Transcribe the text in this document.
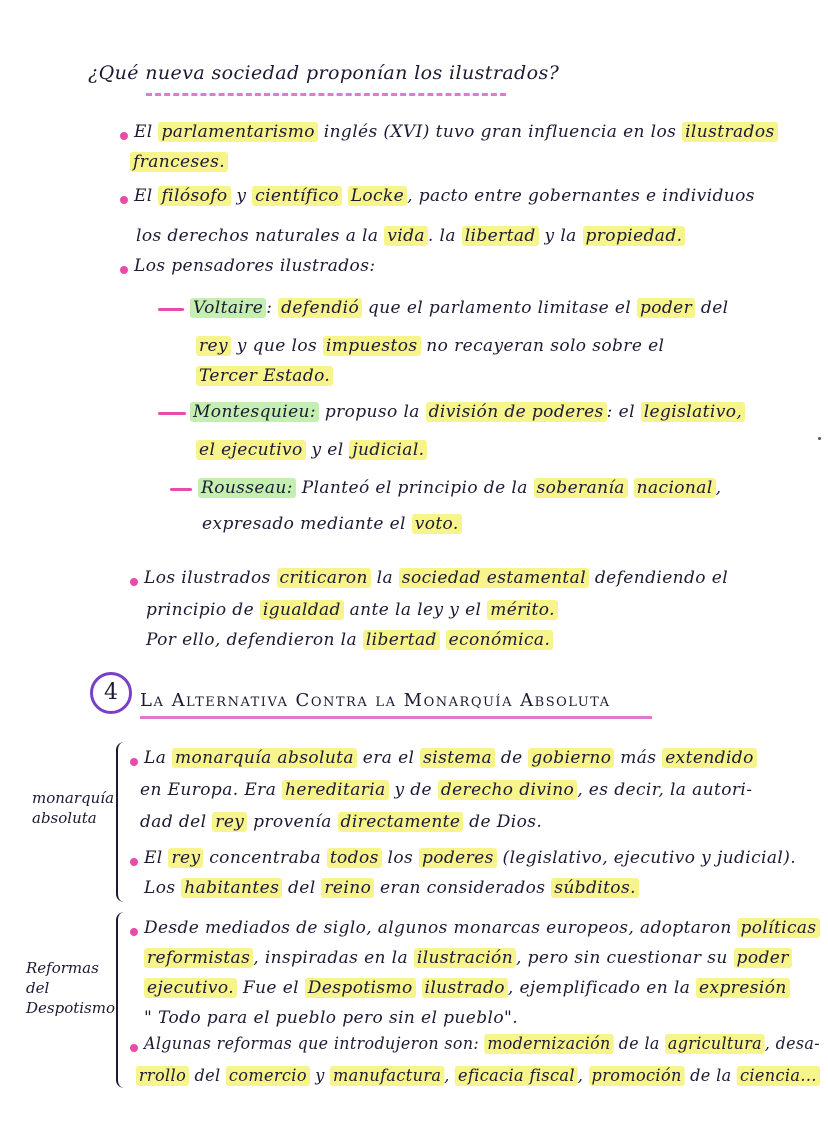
¿Qué nueva sociedad proponían los ilustrados?
El parlamentarismo inglés (XVI) tuvo gran influencia en los ilustrados
franceses.
El filósofo y científico Locke , pacto entre gobernantes e individuos
los derechos naturales a la vida . la libertad y la propiedad.
Los pensadores ilustrados:
Voltaire : defendió que el parlamento limitase el poder del
rey y que los impuestos no recayeran solo sobre el
Tercer Estado.
Montesquieu: propuso la división de poderes : el legislativo,
el ejecutivo y el judicial.
Rousseau: Planteó el principio de la soberanía nacional ,
expresado mediante el voto.
Los ilustrados criticaron la sociedad estamental defendiendo el
principio de igualdad ante la ley y el mérito.
Por ello, defendieron la libertad económica.
4	La Alternativa Contra la Monarquía Absoluta
monarquía
absoluta
La monarquía absoluta era el sistema de gobierno más extendido
en Europa. Era hereditaria y de derecho divino , es decir, la autori-
dad del rey provenía directamente de Dios.
El rey concentraba todos los poderes (legislativo, ejecutivo y judicial).
Los habitantes del reino eran considerados súbditos.
Reformas
del
Despotismo
Desde mediados de siglo, algunos monarcas europeos, adoptaron políticas
reformistas , inspiradas en la ilustración , pero sin cuestionar su poder
ejecutivo. Fue el Despotismo ilustrado , ejemplificado en la expresión
" Todo para el pueblo pero sin el pueblo".
Algunas reformas que introdujeron son: modernización de la agricultura , desa-
rrollo del comercio y manufactura , eficacia fiscal , promoción de la ciencia...
